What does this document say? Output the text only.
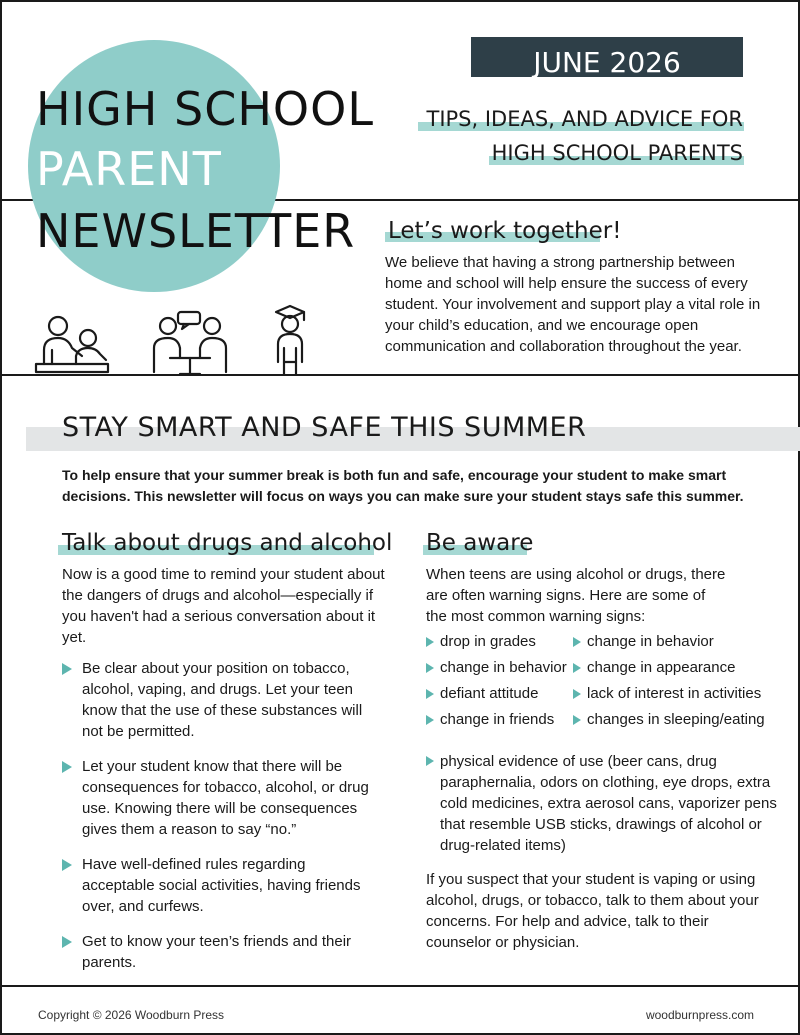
HIGH SCHOOL
PARENT
NEWSLETTER
JUNE 2026
TIPS, IDEAS, AND ADVICE FOR
HIGH SCHOOL PARENTS
Let’s work together!
We believe that having a strong partnership between home and school will help ensure the success of every student. Your involvement and support play a vital role in your child’s education, and we encourage open communication and collaboration throughout the year.
STAY SMART AND SAFE THIS SUMMER
To help ensure that your summer break is both fun and safe, encourage your student to make smart decisions. This newsletter will focus on ways you can make sure your student stays safe this summer.
Talk about drugs and alcohol
Now is a good time to remind your student about the dangers of drugs and alcohol—especially if you haven't had a serious conversation about it yet.
Be clear about your position on tobacco, alcohol, vaping, and drugs. Let your teen know that the use of these substances will not be permitted.
Let your student know that there will be consequences for tobacco, alcohol, or drug use. Knowing there will be consequences gives them a reason to say “no.”
Have well-defined rules regarding acceptable social activities, having friends over, and curfews.
Get to know your teen’s friends and their parents.
Be aware
When teens are using alcohol or drugs, there are often warning signs. Here are some of the most common warning signs:
drop in grades
change in behavior
defiant attitude
change in friends
change in behavior
change in appearance
lack of interest in activities
changes in sleeping/eating
physical evidence of use (beer cans, drug paraphernalia, odors on clothing, eye drops, extra cold medicines, extra aerosol cans, vaporizer pens that resemble USB sticks, drawings of alcohol or drug-related items)
If you suspect that your student is vaping or using alcohol, drugs, or tobacco, talk to them about your concerns. For help and advice, talk to their counselor or physician.
Copyright © 2026 Woodburn Press	woodburnpress.com
